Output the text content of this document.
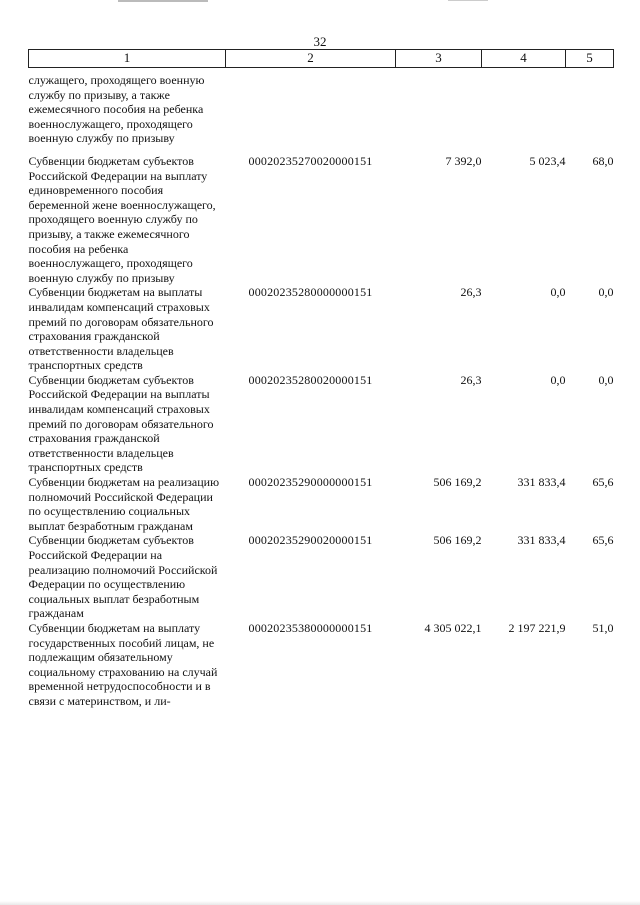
32
1	2	3	4	5
служащего, проходящего военную службу по призыву, а также ежемесячного пособия на ребенка военнослужащего, проходящего военную службу по призыву				
Субвенции бюджетам субъектов Российской Федерации на выплату единовременного пособия беременной жене военнослужащего, проходящего военную службу по призыву, а также ежемесячного пособия на ребенка военнослужащего, проходящего военную службу по призыву	00020235270020000151	7 392,0	5 023,4	68,0
Субвенции бюджетам на выплаты инвалидам компенсаций страховых премий по договорам обязательного страхования гражданской ответственности владельцев транспортных средств	00020235280000000151	26,3	0,0	0,0
Субвенции бюджетам субъектов Российской Федерации на выплаты инвалидам компенсаций страховых премий по договорам обязательного страхования гражданской ответственности владельцев транспортных средств	00020235280020000151	26,3	0,0	0,0
Субвенции бюджетам на реализацию полномочий Российской Федерации по осуществлению социальных выплат безработным гражданам	00020235290000000151	506 169,2	331 833,4	65,6
Субвенции бюджетам субъектов Российской Федерации на реализацию полномочий Российской Федерации по осуществлению социальных выплат безработным гражданам	00020235290020000151	506 169,2	331 833,4	65,6
Субвенции бюджетам на выплату государственных пособий лицам, не подлежащим обязательному социальному страхованию на случай временной нетрудоспособности и в связи с материнством, и ли-	00020235380000000151	4 305 022,1	2 197 221,9	51,0
